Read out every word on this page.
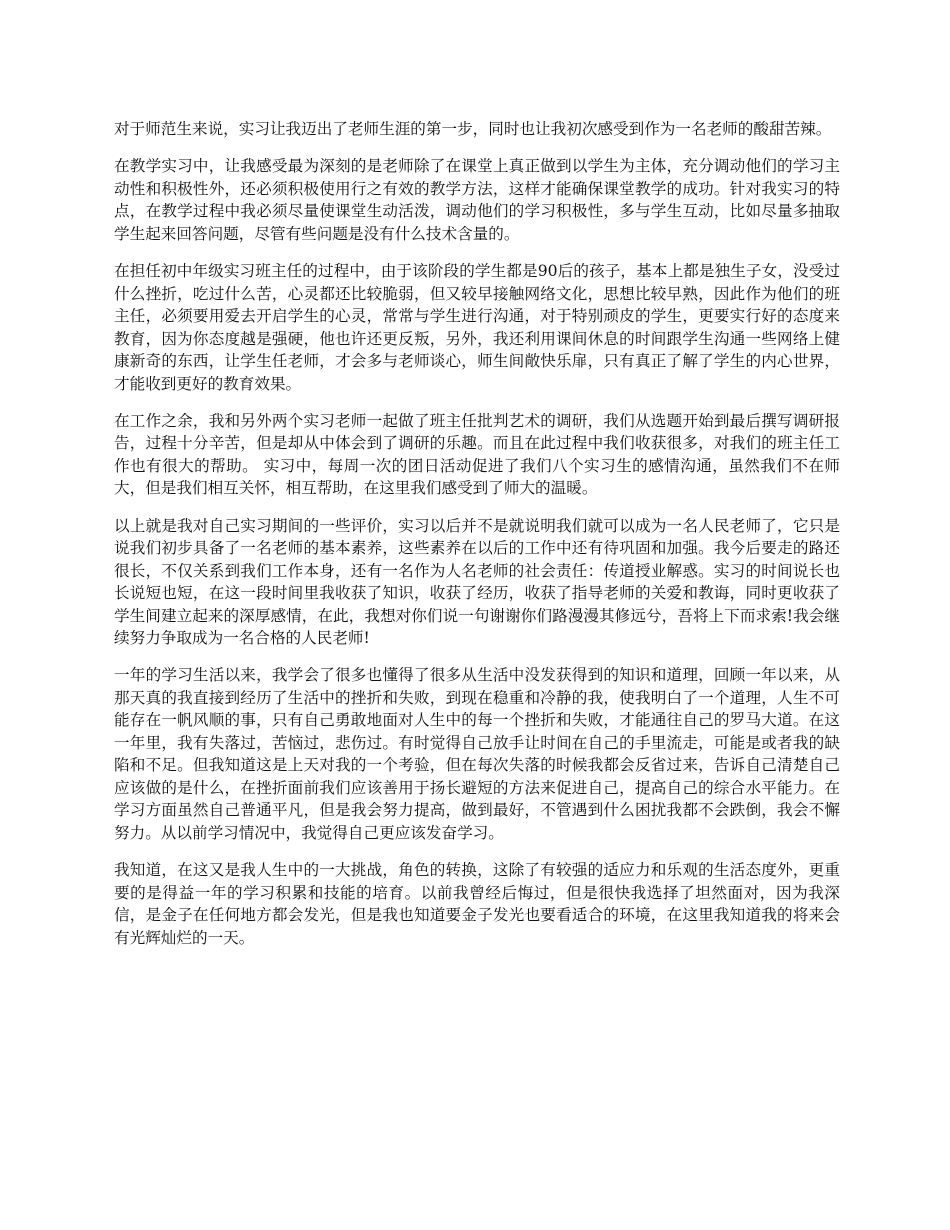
对于师范生来说，实习让我迈出了老师生涯的第一步，同时也让我初次感受到作为一名老师的酸甜苦辣。

在教学实习中，让我感受最为深刻的是老师除了在课堂上真正做到以学生为主体，充分调动他们的学习主动性和积极性外，还必须积极使用行之有效的教学方法，这样才能确保课堂教学的成功。针对我实习的特点，在教学过程中我必须尽量使课堂生动活泼，调动他们的学习积极性，多与学生互动，比如尽量多抽取学生起来回答问题，尽管有些问题是没有什么技术含量的。

在担任初中年级实习班主任的过程中，由于该阶段的学生都是90后的孩子，基本上都是独生子女，没受过什么挫折，吃过什么苦，心灵都还比较脆弱，但又较早接触网络文化，思想比较早熟，因此作为他们的班主任，必须要用爱去开启学生的心灵，常常与学生进行沟通，对于特别顽皮的学生，更要实行好的态度来教育，因为你态度越是强硬，他也许还更反叛，另外，我还利用课间休息的时间跟学生沟通一些网络上健康新奇的东西，让学生任老师，才会多与老师谈心，师生间敞快乐扉，只有真正了解了学生的内心世界，才能收到更好的教育效果。

在工作之余，我和另外两个实习老师一起做了班主任批判艺术的调研，我们从选题开始到最后撰写调研报告，过程十分辛苦，但是却从中体会到了调研的乐趣。而且在此过程中我们收获很多，对我们的班主任工作也有很大的帮助。 实习中，每周一次的团日活动促进了我们八个实习生的感情沟通，虽然我们不在师大，但是我们相互关怀，相互帮助，在这里我们感受到了师大的温暖。

以上就是我对自己实习期间的一些评价，实习以后并不是就说明我们就可以成为一名人民老师了，它只是说我们初步具备了一名老师的基本素养，这些素养在以后的工作中还有待巩固和加强。我今后要走的路还很长，不仅关系到我们工作本身，还有一名作为人名老师的社会责任：传道授业解惑。实习的时间说长也长说短也短，在这一段时间里我收获了知识，收获了经历，收获了指导老师的关爱和教诲，同时更收获了学生间建立起来的深厚感情，在此，我想对你们说一句谢谢你们路漫漫其修远兮，吾将上下而求索!我会继续努力争取成为一名合格的人民老师!

一年的学习生活以来，我学会了很多也懂得了很多从生活中没发获得到的知识和道理，回顾一年以来，从那天真的我直接到经历了生活中的挫折和失败，到现在稳重和冷静的我，使我明白了一个道理，人生不可能存在一帆风顺的事，只有自己勇敢地面对人生中的每一个挫折和失败，才能通往自己的罗马大道。在这一年里，我有失落过，苦恼过，悲伤过。有时觉得自己放手让时间在自己的手里流走，可能是或者我的缺陷和不足。但我知道这是上天对我的一个考验，但在每次失落的时候我都会反省过来，告诉自己清楚自己应该做的是什么，在挫折面前我们应该善用于扬长避短的方法来促进自己，提高自己的综合水平能力。在学习方面虽然自己普通平凡，但是我会努力提高，做到最好，不管遇到什么困扰我都不会跌倒，我会不懈努力。从以前学习情况中，我觉得自己更应该发奋学习。

我知道，在这又是我人生中的一大挑战，角色的转换，这除了有较强的适应力和乐观的生活态度外，更重要的是得益一年的学习积累和技能的培育。以前我曾经后悔过，但是很快我选择了坦然面对，因为我深信，是金子在任何地方都会发光，但是我也知道要金子发光也要看适合的环境，在这里我知道我的将来会有光辉灿烂的一天。
